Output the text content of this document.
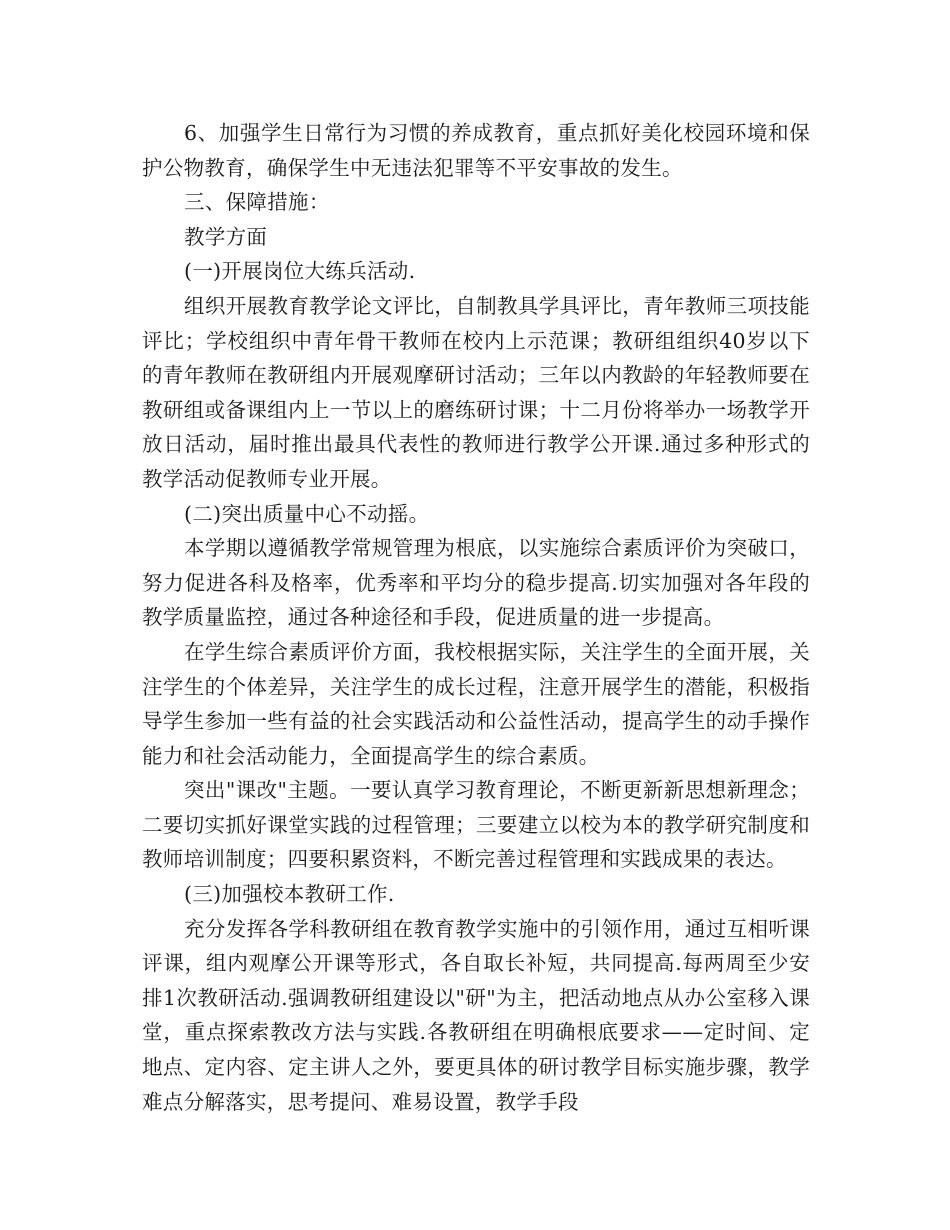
6、加强学生日常行为习惯的养成教育，重点抓好美化校园环境和保护公物教育，确保学生中无违法犯罪等不平安事故的发生。

三、保障措施：

教学方面

(一)开展岗位大练兵活动.

组织开展教育教学论文评比，自制教具学具评比，青年教师三项技能评比；学校组织中青年骨干教师在校内上示范课；教研组组织40岁以下的青年教师在教研组内开展观摩研讨活动；三年以内教龄的年轻教师要在教研组或备课组内上一节以上的磨练研讨课；十二月份将举办一场教学开放日活动，届时推出最具代表性的教师进行教学公开课.通过多种形式的教学活动促教师专业开展。

(二)突出质量中心不动摇。

本学期以遵循教学常规管理为根底，以实施综合素质评价为突破口，努力促进各科及格率，优秀率和平均分的稳步提高.切实加强对各年段的教学质量监控，通过各种途径和手段，促进质量的进一步提高。

在学生综合素质评价方面，我校根据实际，关注学生的全面开展，关注学生的个体差异，关注学生的成长过程，注意开展学生的潜能，积极指导学生参加一些有益的社会实践活动和公益性活动，提高学生的动手操作能力和社会活动能力，全面提高学生的综合素质。

突出"课改"主题。一要认真学习教育理论，不断更新新思想新理念；二要切实抓好课堂实践的过程管理；三要建立以校为本的教学研究制度和教师培训制度；四要积累资料，不断完善过程管理和实践成果的表达。

(三)加强校本教研工作.

充分发挥各学科教研组在教育教学实施中的引领作用，通过互相听课评课，组内观摩公开课等形式，各自取长补短，共同提高.每两周至少安排1次教研活动.强调教研组建设以"研"为主，把活动地点从办公室移入课堂，重点探索教改方法与实践.各教研组在明确根底要求——定时间、定地点、定内容、定主讲人之外，要更具体的研讨教学目标实施步骤，教学难点分解落实，思考提问、难易设置，教学手段
